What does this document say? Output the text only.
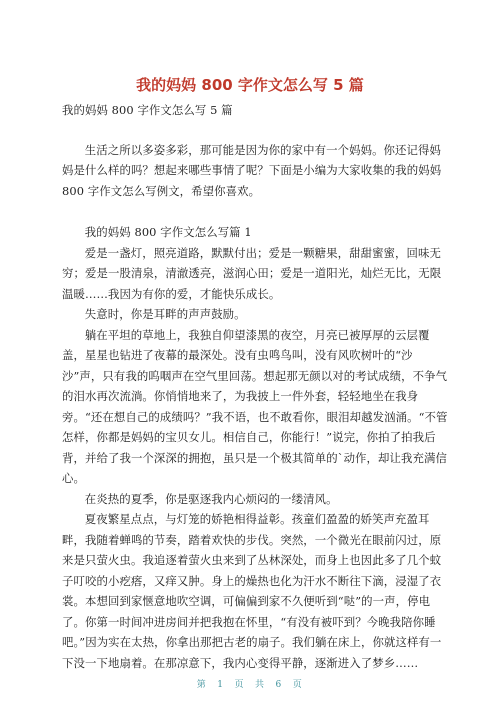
我的妈妈 800 字作文怎么写 5 篇

我的妈妈 800 字作文怎么写 5 篇

生活之所以多姿多彩，那可能是因为你的家中有一个妈妈。你还记得妈妈是什么样的吗？想起来哪些事情了呢？下面是小编为大家收集的我的妈妈 800 字作文怎么写例文，希望你喜欢。

我的妈妈 800 字作文怎么写篇 1

爱是一盏灯，照亮道路，默默付出；爱是一颗糖果，甜甜蜜蜜，回味无穷；爱是一股清泉，清澈透亮，滋润心田；爱是一道阳光，灿烂无比，无限温暖……我因为有你的爱，才能快乐成长。

失意时，你是耳畔的声声鼓励。

躺在平坦的草地上，我独自仰望漆黑的夜空，月亮已被厚厚的云层覆盖，星星也钻进了夜幕的最深处。没有虫鸣鸟叫，没有风吹树叶的“沙沙”声，只有我的呜咽声在空气里回荡。想起那无颜以对的考试成绩，不争气的泪水再次流淌。你悄悄地来了，为我披上一件外套，轻轻地坐在我身旁。“还在想自己的成绩吗？”我不语，也不敢看你，眼泪却越发汹涌。“不管怎样，你都是妈妈的宝贝女儿。相信自己，你能行！”说完，你拍了拍我后背，并给了我一个深深的拥抱，虽只是一个极其简单的`动作，却让我充满信心。

在炎热的夏季，你是驱逐我内心烦闷的一缕清风。

夏夜繁星点点，与灯笼的娇艳相得益彰。孩童们盈盈的娇笑声充盈耳畔，我随着蝉鸣的节奏，踏着欢快的步伐。突然，一个微光在眼前闪过，原来是只萤火虫。我追逐着萤火虫来到了丛林深处，而身上也因此多了几个蚊子叮咬的小疙瘩，又痒又肿。身上的燥热也化为汗水不断往下滴，浸湿了衣裳。本想回到家惬意地吹空调，可偏偏到家不久便听到“哒”的一声，停电了。你第一时间冲进房间并把我抱在怀里，“有没有被吓到？今晚我陪你睡吧。”因为实在太热，你拿出那把古老的扇子。我们躺在床上，你就这样有一下没一下地扇着。在那凉意下，我内心变得平静，逐渐进入了梦乡……

第 1 页 共 6 页
